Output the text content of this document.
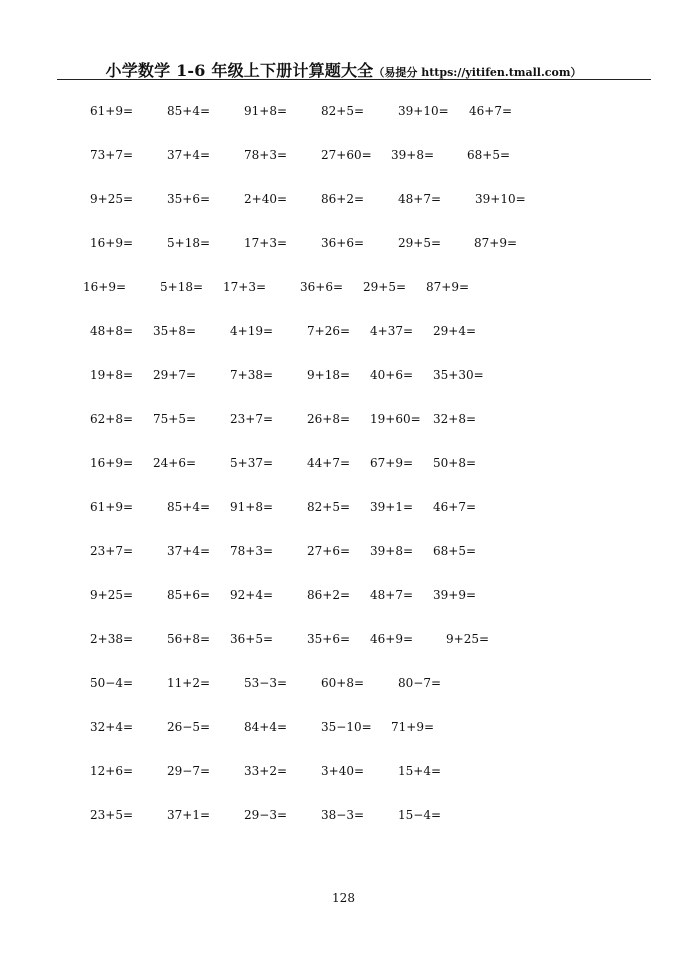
小学数学 1-6 年级上下册计算题大全（易提分 https://yitifen.tmall.com）
61+9=	85+4=	91+8=	82+5=	39+10= 46+7=
73+7=	37+4=	78+3=	27+60= 39+8=	68+5=
9+25=	35+6=	2+40=	86+2=	48+7=	39+10=
16+9=	5+18=	17+3=	36+6=	29+5=	87+9=
16+9=	5+18= 17+3=	36+6= 29+5= 87+9=
48+8= 35+8=	4+19=	7+26= 4+37= 29+4=
19+8= 29+7=	7+38=	9+18= 40+6= 35+30=
62+8= 75+5=	23+7=	26+8= 19+60= 32+8=
16+9= 24+6=	5+37=	44+7= 67+9= 50+8=
61+9=	85+4= 91+8=	82+5= 39+1= 46+7=
23+7=	37+4= 78+3=	27+6= 39+8= 68+5=
9+25=	85+6= 92+4=	86+2= 48+7= 39+9=
2+38=	56+8= 36+5=	35+6= 46+9=	9+25=
50−4=	11+2=	53−3=	60+8=	80−7=
32+4=	26−5=	84+4=	35−10= 71+9=
12+6=	29−7=	33+2=	3+40=	15+4=
23+5=	37+1=	29−3=	38−3=	15−4=
128
